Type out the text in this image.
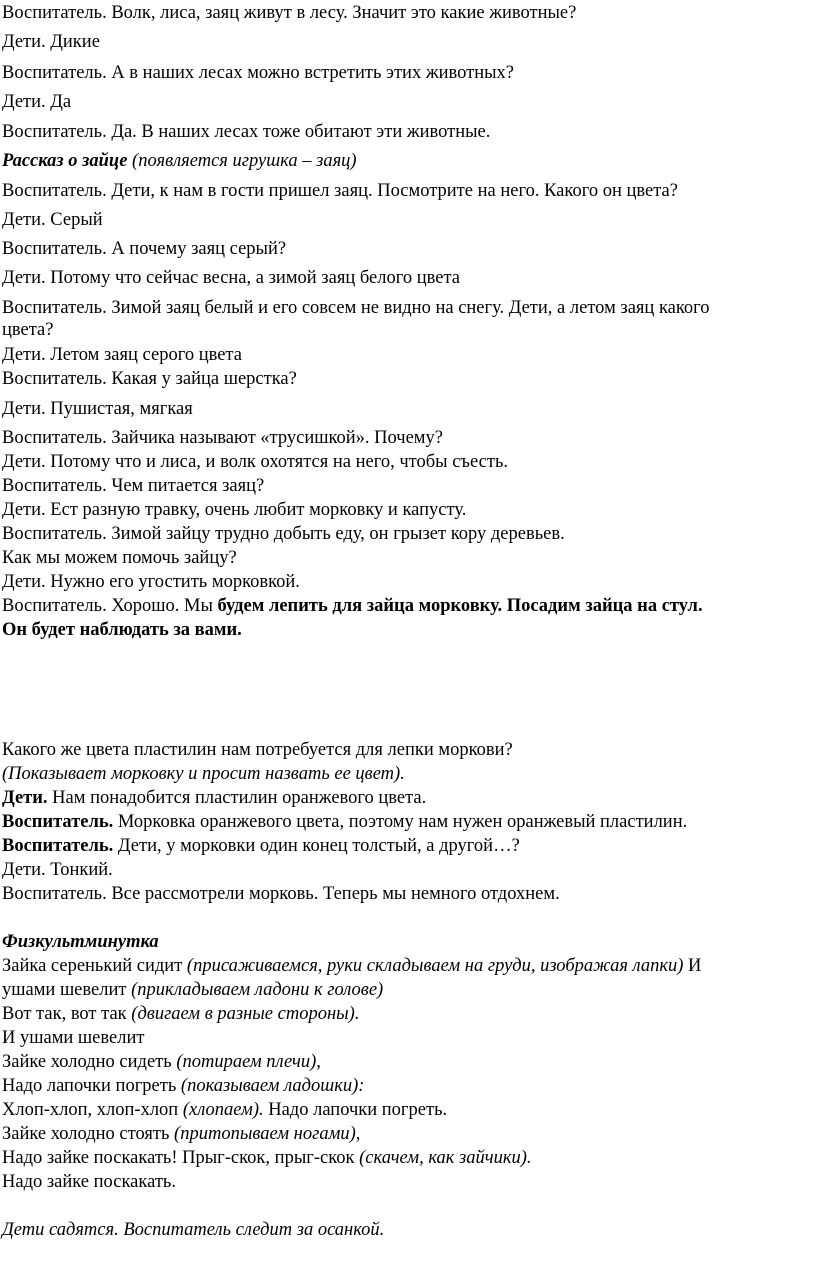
Воспитатель. Волк, лиса, заяц живут в лесу. Значит это какие животные?
Дети. Дикие
Воспитатель. А в наших лесах можно встретить этих животных?
Дети. Да
Воспитатель. Да. В наших лесах тоже обитают эти животные.
Рассказ о зайце (появляется игрушка – заяц)
Воспитатель. Дети, к нам в гости пришел заяц. Посмотрите на него. Какого он цвета?
Дети. Серый
Воспитатель. А почему заяц серый?
Дети. Потому что сейчас весна, а зимой заяц белого цвета
Воспитатель. Зимой заяц белый и его совсем не видно на снегу. Дети, а летом заяц какого
цвета?
Дети. Летом заяц серого цвета
Воспитатель. Какая у зайца шерстка?
Дети. Пушистая, мягкая
Воспитатель. Зайчика называют «трусишкой». Почему?
Дети. Потому что и лиса, и волк охотятся на него, чтобы съесть.
Воспитатель. Чем питается заяц?
Дети. Ест разную травку, очень любит морковку и капусту.
Воспитатель. Зимой зайцу трудно добыть еду, он грызет кору деревьев.
Как мы можем помочь зайцу?
Дети. Нужно его угостить морковкой.
Воспитатель. Хорошо. Мы будем лепить для зайца морковку. Посадим зайца на стул.
Он будет наблюдать за вами.
Какого же цвета пластилин нам потребуется для лепки моркови?
(Показывает морковку и просит назвать ее цвет).
Дети. Нам понадобится пластилин оранжевого цвета.
Воспитатель. Морковка оранжевого цвета, поэтому нам нужен оранжевый пластилин.
Воспитатель. Дети, у морковки один конец толстый, а другой…?
Дети. Тонкий.
Воспитатель. Все рассмотрели морковь. Теперь мы немного отдохнем.
Физкультминутка
Зайка серенький сидит (присаживаемся, руки складываем на груди, изображая лапки) И
ушами шевелит (прикладываем ладони к голове)
Вот так, вот так (двигаем в разные стороны).
И ушами шевелит
Зайке холодно сидеть (потираем плечи),
Надо лапочки погреть (показываем ладошки):
Хлоп-хлоп, хлоп-хлоп (хлопаем). Надо лапочки погреть.
Зайке холодно стоять (притопываем ногами),
Надо зайке поскакать! Прыг-скок, прыг-скок (скачем, как зайчики).
Надо зайке поскакать.
Дети садятся. Воспитатель следит за осанкой.
